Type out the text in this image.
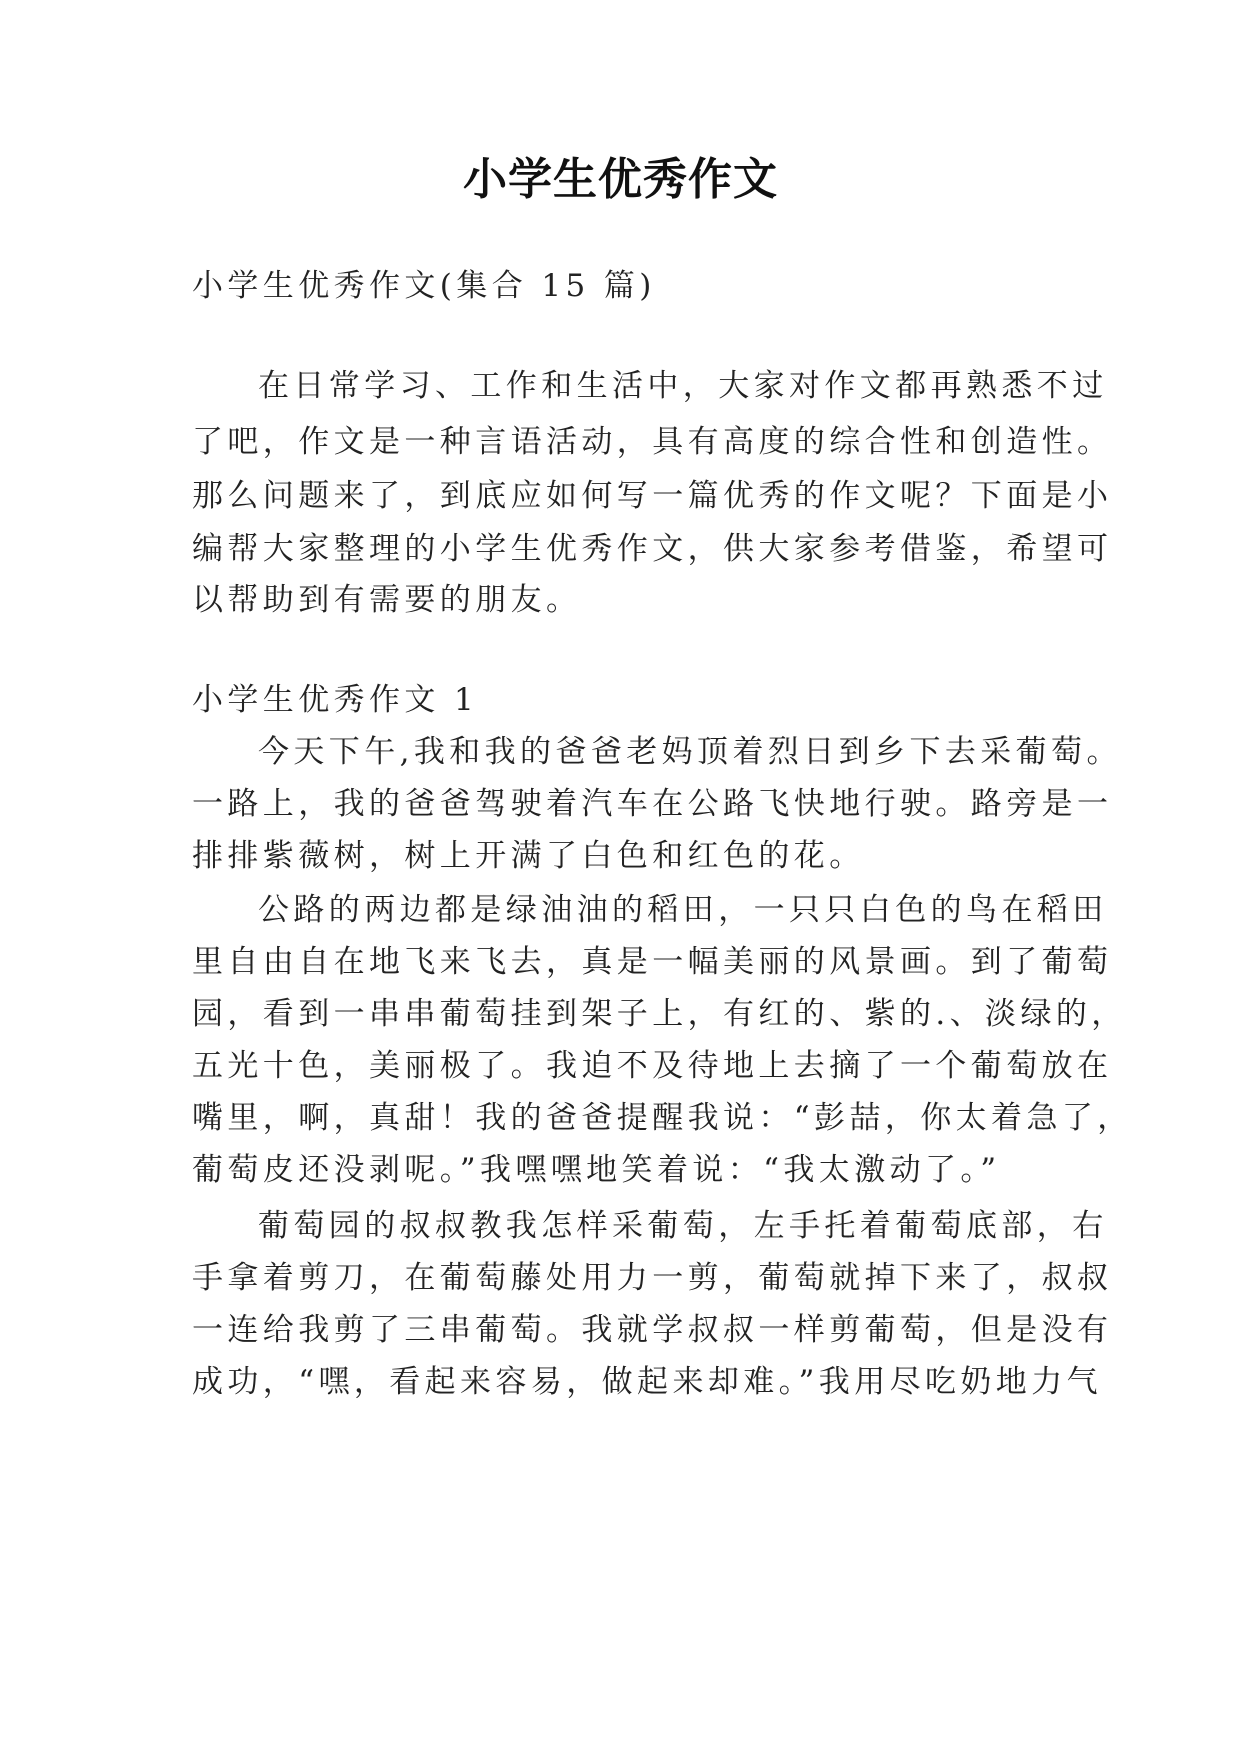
小学生优秀作文
小学生优秀作文(集合 15 篇)
在日常学习、工作和生活中，大家对作文都再熟悉不过
了吧，作文是一种言语活动，具有高度的综合性和创造性。
那么问题来了，到底应如何写一篇优秀的作文呢？下面是小
编帮大家整理的小学生优秀作文，供大家参考借鉴，希望可
以帮助到有需要的朋友。
小学生优秀作文 1
今天下午,我和我的爸爸老妈顶着烈日到乡下去采葡萄。
一路上，我的爸爸驾驶着汽车在公路飞快地行驶。路旁是一
排排紫薇树，树上开满了白色和红色的花。
公路的两边都是绿油油的稻田，一只只白色的鸟在稻田
里自由自在地飞来飞去，真是一幅美丽的风景画。到了葡萄
园，看到一串串葡萄挂到架子上，有红的、紫的.、淡绿的，
五光十色，美丽极了。我迫不及待地上去摘了一个葡萄放在
嘴里，啊，真甜！我的爸爸提醒我说：“彭喆，你太着急了，
葡萄皮还没剥呢。”我嘿嘿地笑着说：“我太激动了。”
葡萄园的叔叔教我怎样采葡萄，左手托着葡萄底部，右
手拿着剪刀，在葡萄藤处用力一剪，葡萄就掉下来了，叔叔
一连给我剪了三串葡萄。我就学叔叔一样剪葡萄，但是没有
成功，“嘿，看起来容易，做起来却难。”我用尽吃奶地力气
